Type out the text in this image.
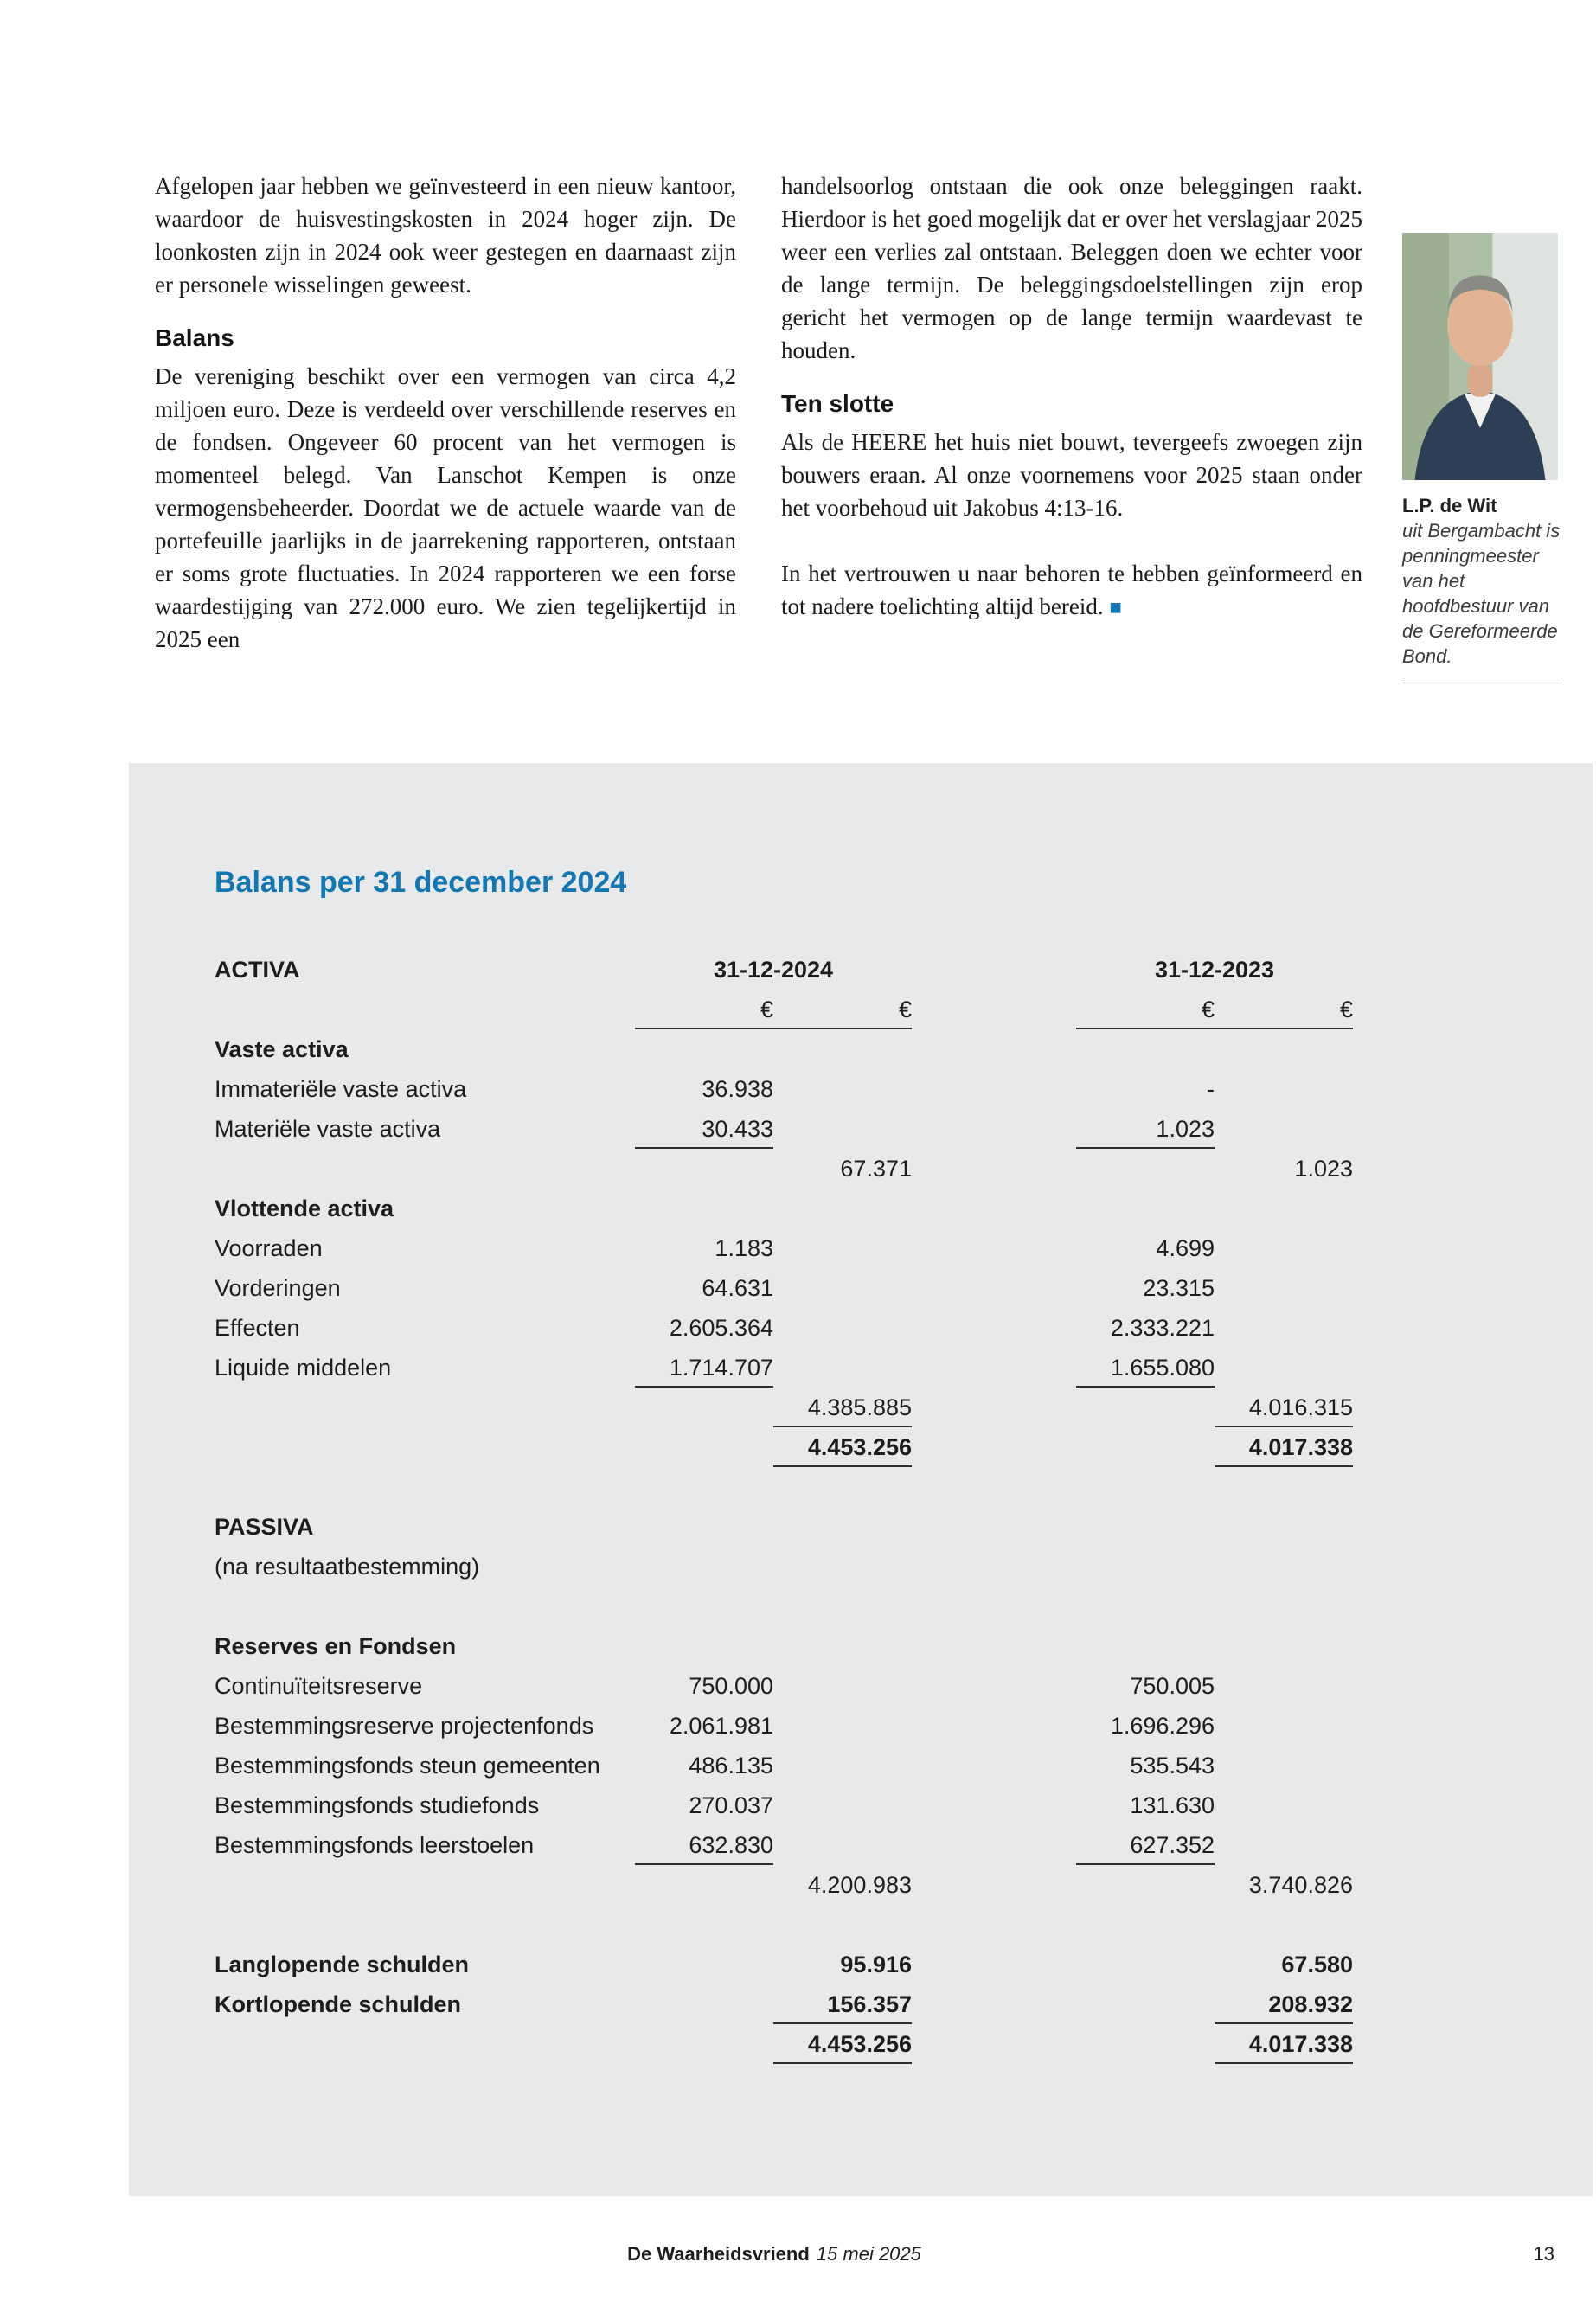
Afgelopen jaar hebben we geïnvesteerd in een nieuw kantoor, waardoor de huisvestingskosten in 2024 hoger zijn. De loonkosten zijn in 2024 ook weer gestegen en daarnaast zijn er personele wisselingen geweest.

Balans

De vereniging beschikt over een vermogen van circa 4,2 miljoen euro. Deze is verdeeld over verschillende reserves en de fondsen. Ongeveer 60 procent van het vermogen is momenteel belegd. Van Lanschot Kempen is onze vermogensbeheerder. Doordat we de actuele waarde van de portefeuille jaarlijks in de jaarrekening rapporteren, ontstaan er soms grote fluctuaties. In 2024 rapporteren we een forse waardestijging van 272.000 euro. We zien tegelijkertijd in 2025 een

handelsoorlog ontstaan die ook onze beleggingen raakt. Hierdoor is het goed mogelijk dat er over het verslagjaar 2025 weer een verlies zal ontstaan. Beleggen doen we echter voor de lange termijn. De beleggingsdoelstellingen zijn erop gericht het vermogen op de lange termijn waardevast te houden.

Ten slotte

Als de HEERE het huis niet bouwt, tevergeefs zwoegen zijn bouwers eraan. Al onze voornemens voor 2025 staan onder het voorbehoud uit Jakobus 4:13-16.

In het vertrouwen u naar behoren te hebben geïnformeerd en tot nadere toelichting altijd bereid. ■

L.P. de Wit
uit Bergambacht is penningmeester van het hoofdbestuur van de Gereformeerde Bond.
Balans per 31 december 2024
ACTIVA	31-12-2024	31-12-2023
€	€	€	€
Vaste activa
Immateriële vaste activa	36.938	-
Materiële vaste activa	30.433	1.023
67.371	1.023
Vlottende activa
Voorraden	1.183	4.699
Vorderingen	64.631	23.315
Effecten	2.605.364	2.333.221
Liquide middelen	1.714.707	1.655.080
4.385.885	4.016.315
4.453.256	4.017.338
PASSIVA
(na resultaatbestemming)
Reserves en Fondsen
Continuïteitsreserve	750.000	750.005
Bestemmingsreserve projectenfonds	2.061.981	1.696.296
Bestemmingsfonds steun gemeenten	486.135	535.543
Bestemmingsfonds studiefonds	270.037	131.630
Bestemmingsfonds leerstoelen	632.830	627.352
4.200.983	3.740.826
Langlopende schulden	95.916	67.580
Kortlopende schulden	156.357	208.932
4.453.256	4.017.338
De Waarheidsvriend 15 mei 2025	13
